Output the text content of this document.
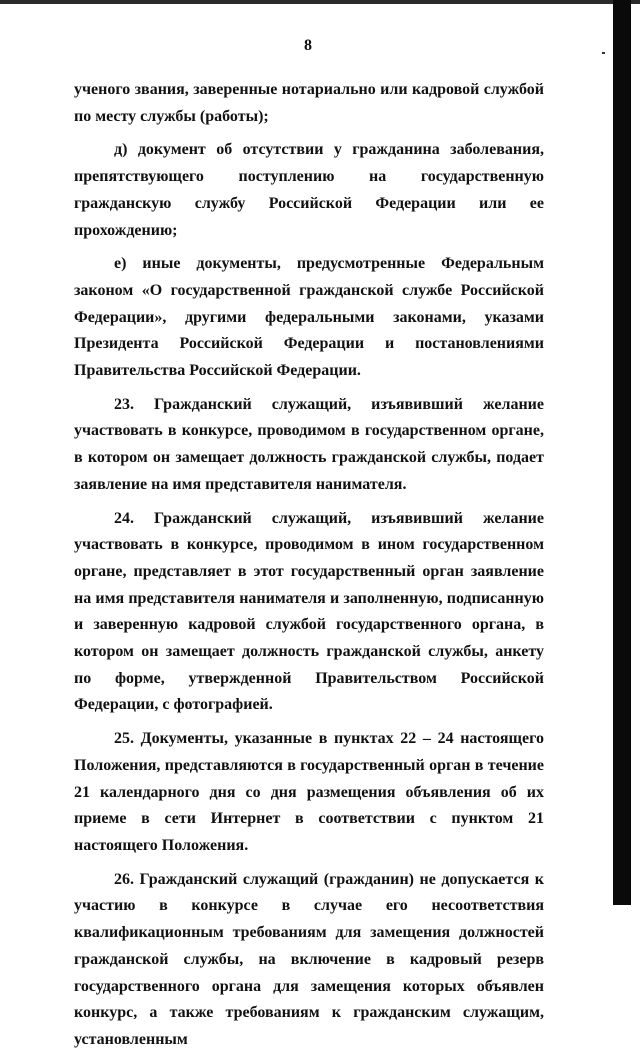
8

ученого звания, заверенные нотариально или кадровой службой по месту службы (работы);

д) документ об отсутствии у гражданина заболевания, препятствующего поступлению на государственную гражданскую службу Российской Федерации или ее прохождению;

е) иные документы, предусмотренные Федеральным законом «О государственной гражданской службе Российской Федерации», другими федеральными законами, указами Президента Российской Федерации и постановлениями Правительства Российской Федерации.

23. Гражданский служащий, изъявивший желание участвовать в конкурсе, проводимом в государственном органе, в котором он замещает должность гражданской службы, подает заявление на имя представителя нанимателя.

24. Гражданский служащий, изъявивший желание участвовать в конкурсе, проводимом в ином государственном органе, представляет в этот государственный орган заявление на имя представителя нанимателя и заполненную, подписанную и заверенную кадровой службой государственного органа, в котором он замещает должность гражданской службы, анкету по форме, утвержденной Правительством Российской Федерации, с фотографией.

25. Документы, указанные в пунктах 22 – 24 настоящего Положения, представляются в государственный орган в течение 21 календарного дня со дня размещения объявления об их приеме в сети Интернет в соответствии с пунктом 21 настоящего Положения.

26. Гражданский служащий (гражданин) не допускается к участию в конкурсе в случае его несоответствия квалификационным требованиям для замещения должностей гражданской службы, на включение в кадровый резерв государственного органа для замещения которых объявлен конкурс, а также требованиям к гражданским служащим, установленным
